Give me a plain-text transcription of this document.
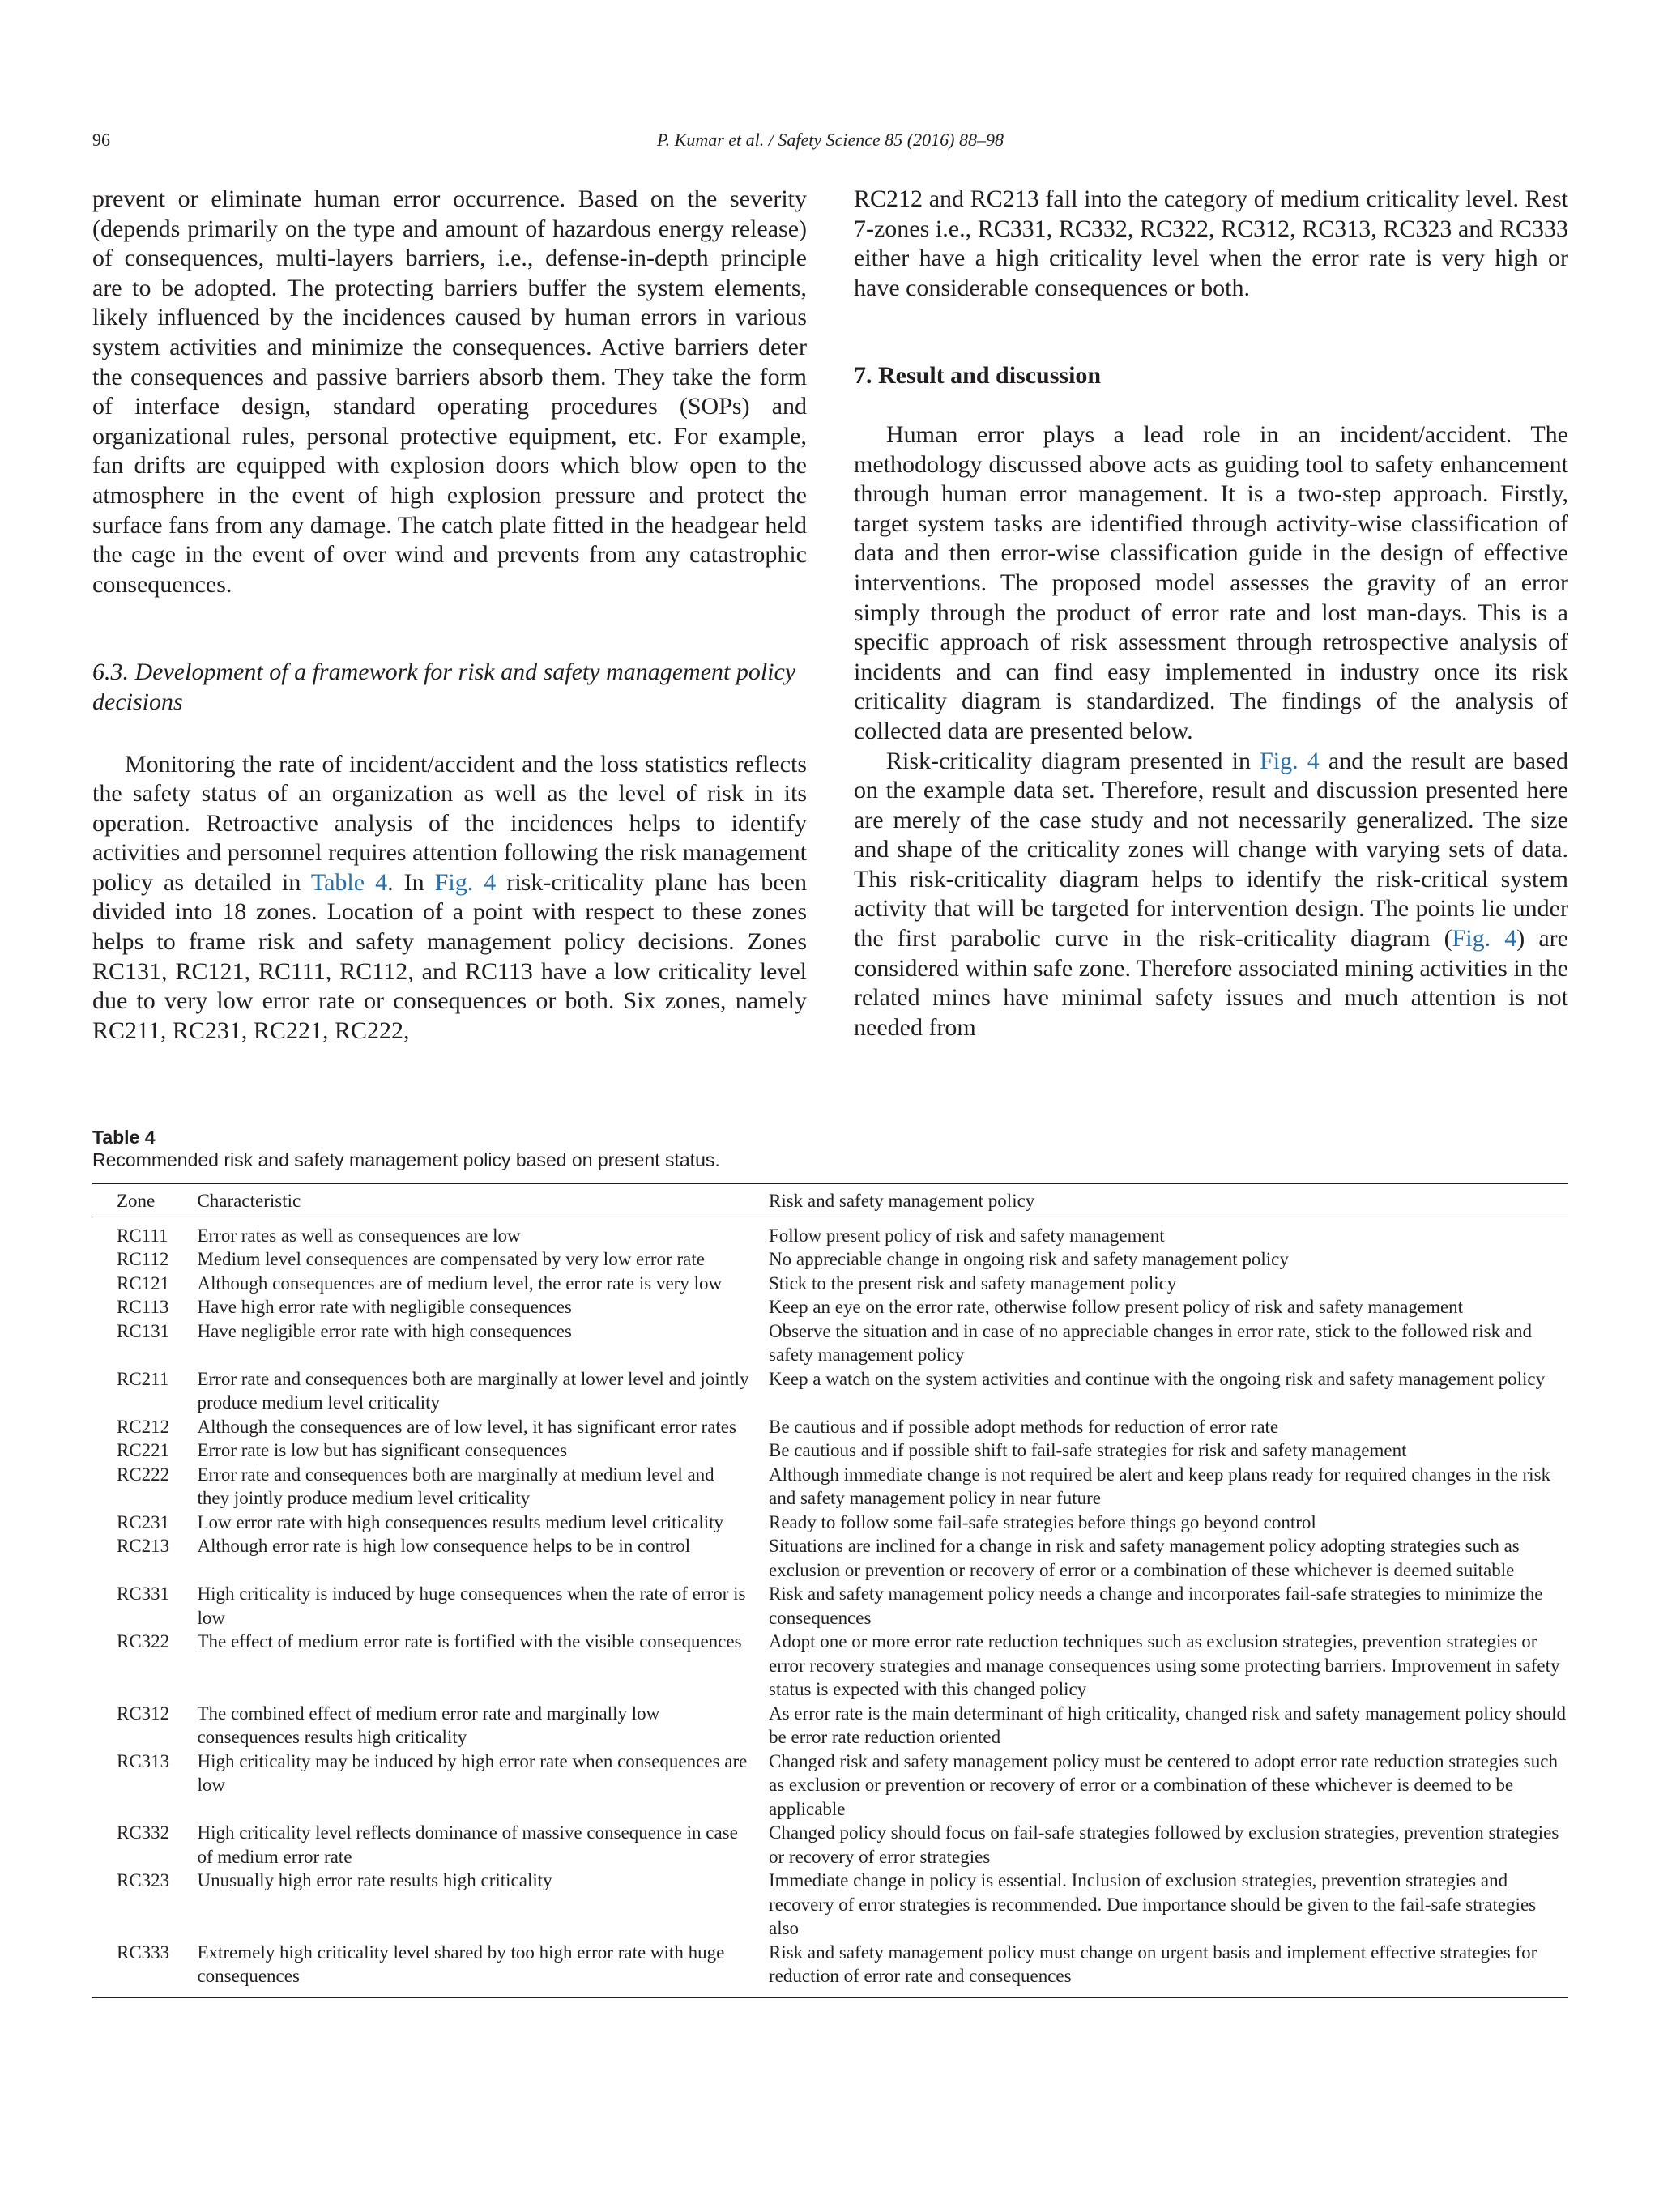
96	P. Kumar et al. / Safety Science 85 (2016) 88–98

prevent or eliminate human error occurrence. Based on the severity (depends primarily on the type and amount of hazardous energy release) of consequences, multi-layers barriers, i.e., defense-in-depth principle are to be adopted. The protecting barriers buffer the system elements, likely influenced by the incidences caused by human errors in various system activities and minimize the consequences. Active barriers deter the consequences and passive barriers absorb them. They take the form of interface design, standard operating procedures (SOPs) and organizational rules, personal protective equipment, etc. For example, fan drifts are equipped with explosion doors which blow open to the atmosphere in the event of high explosion pressure and protect the surface fans from any damage. The catch plate fitted in the headgear held the cage in the event of over wind and prevents from any catastrophic consequences.

6.3. Development of a framework for risk and safety management policy decisions

Monitoring the rate of incident/accident and the loss statistics reflects the safety status of an organization as well as the level of risk in its operation. Retroactive analysis of the incidences helps to identify activities and personnel requires attention following the risk management policy as detailed in Table 4. In Fig. 4 risk-criticality plane has been divided into 18 zones. Location of a point with respect to these zones helps to frame risk and safety management policy decisions. Zones RC131, RC121, RC111, RC112, and RC113 have a low criticality level due to very low error rate or consequences or both. Six zones, namely RC211, RC231, RC221, RC222,

RC212 and RC213 fall into the category of medium criticality level. Rest 7-zones i.e., RC331, RC332, RC322, RC312, RC313, RC323 and RC333 either have a high criticality level when the error rate is very high or have considerable consequences or both.

7. Result and discussion

Human error plays a lead role in an incident/accident. The methodology discussed above acts as guiding tool to safety enhancement through human error management. It is a two-step approach. Firstly, target system tasks are identified through activity-wise classification of data and then error-wise classification guide in the design of effective interventions. The proposed model assesses the gravity of an error simply through the product of error rate and lost man-days. This is a specific approach of risk assessment through retrospective analysis of incidents and can find easy implemented in industry once its risk criticality diagram is standardized. The findings of the analysis of collected data are presented below.

Risk-criticality diagram presented in Fig. 4 and the result are based on the example data set. Therefore, result and discussion presented here are merely of the case study and not necessarily generalized. The size and shape of the criticality zones will change with varying sets of data. This risk-criticality diagram helps to identify the risk-critical system activity that will be targeted for intervention design. The points lie under the first parabolic curve in the risk-criticality diagram (Fig. 4) are considered within safe zone. Therefore associated mining activities in the related mines have minimal safety issues and much attention is not needed from

Table 4
Recommended risk and safety management policy based on present status.
Zone	Characteristic	Risk and safety management policy
RC111	Error rates as well as consequences are low	Follow present policy of risk and safety management
RC112	Medium level consequences are compensated by very low error rate	No appreciable change in ongoing risk and safety management policy
RC121	Although consequences are of medium level, the error rate is very low	Stick to the present risk and safety management policy
RC113	Have high error rate with negligible consequences	Keep an eye on the error rate, otherwise follow present policy of risk and safety management
RC131	Have negligible error rate with high consequences	Observe the situation and in case of no appreciable changes in error rate, stick to the followed risk and safety management policy
RC211	Error rate and consequences both are marginally at lower level and jointly produce medium level criticality	Keep a watch on the system activities and continue with the ongoing risk and safety management policy
RC212	Although the consequences are of low level, it has significant error rates	Be cautious and if possible adopt methods for reduction of error rate
RC221	Error rate is low but has significant consequences	Be cautious and if possible shift to fail-safe strategies for risk and safety management
RC222	Error rate and consequences both are marginally at medium level and they jointly produce medium level criticality	Although immediate change is not required be alert and keep plans ready for required changes in the risk and safety management policy in near future
RC231	Low error rate with high consequences results medium level criticality	Ready to follow some fail-safe strategies before things go beyond control
RC213	Although error rate is high low consequence helps to be in control	Situations are inclined for a change in risk and safety management policy adopting strategies such as exclusion or prevention or recovery of error or a combination of these whichever is deemed suitable
RC331	High criticality is induced by huge consequences when the rate of error is low	Risk and safety management policy needs a change and incorporates fail-safe strategies to minimize the consequences
RC322	The effect of medium error rate is fortified with the visible consequences	Adopt one or more error rate reduction techniques such as exclusion strategies, prevention strategies or error recovery strategies and manage consequences using some protecting barriers. Improvement in safety status is expected with this changed policy
RC312	The combined effect of medium error rate and marginally low consequences results high criticality	As error rate is the main determinant of high criticality, changed risk and safety management policy should be error rate reduction oriented
RC313	High criticality may be induced by high error rate when consequences are low	Changed risk and safety management policy must be centered to adopt error rate reduction strategies such as exclusion or prevention or recovery of error or a combination of these whichever is deemed to be applicable
RC332	High criticality level reflects dominance of massive consequence in case of medium error rate	Changed policy should focus on fail-safe strategies followed by exclusion strategies, prevention strategies or recovery of error strategies
RC323	Unusually high error rate results high criticality	Immediate change in policy is essential. Inclusion of exclusion strategies, prevention strategies and recovery of error strategies is recommended. Due importance should be given to the fail-safe strategies also
RC333	Extremely high criticality level shared by too high error rate with huge consequences	Risk and safety management policy must change on urgent basis and implement effective strategies for reduction of error rate and consequences
